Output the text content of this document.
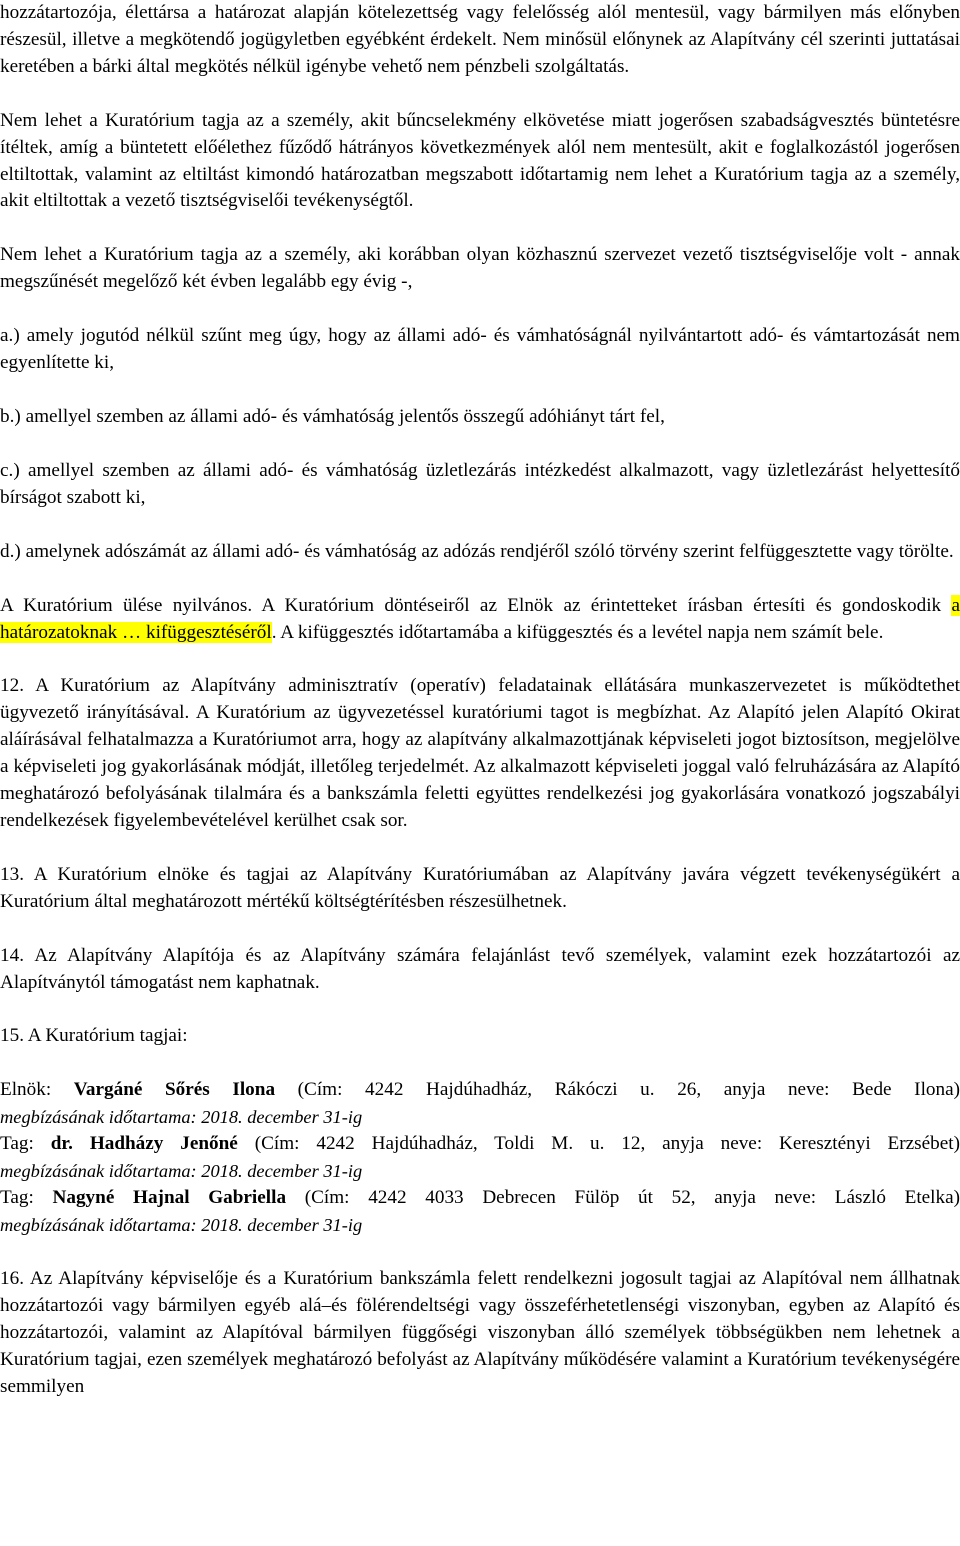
hozzátartozója, élettársa a határozat alapján kötelezettség vagy felelősség alól mentesül, vagy bármilyen más előnyben részesül, illetve a megkötendő jogügyletben egyébként érdekelt. Nem minősül előnynek az Alapítvány cél szerinti juttatásai keretében a bárki által megkötés nélkül igénybe vehető nem pénzbeli szolgáltatás.

Nem lehet a Kuratórium tagja az a személy, akit bűncselekmény elkövetése miatt jogerősen szabadságvesztés büntetésre ítéltek, amíg a büntetett előélethez fűződő hátrányos következmények alól nem mentesült, akit e foglalkozástól jogerősen eltiltottak, valamint az eltiltást kimondó határozatban megszabott időtartamig nem lehet a Kuratórium tagja az a személy, akit eltiltottak a vezető tisztségviselői tevékenységtől.

Nem lehet a Kuratórium tagja az a személy, aki korábban olyan közhasznú szervezet vezető tisztségviselője volt - annak megszűnését megelőző két évben legalább egy évig -,

a.) amely jogutód nélkül szűnt meg úgy, hogy az állami adó- és vámhatóságnál nyilvántartott adó- és vámtartozását nem egyenlítette ki,

b.) amellyel szemben az állami adó- és vámhatóság jelentős összegű adóhiányt tárt fel,

c.) amellyel szemben az állami adó- és vámhatóság üzletlezárás intézkedést alkalmazott, vagy üzletlezárást helyettesítő bírságot szabott ki,

d.) amelynek adószámát az állami adó- és vámhatóság az adózás rendjéről szóló törvény szerint felfüggesztette vagy törölte.

A Kuratórium ülése nyilvános. A Kuratórium döntéseiről az Elnök az érintetteket írásban értesíti és gondoskodik a határozatoknak … kifüggesztéséről. A kifüggesztés időtartamába a kifüggesztés és a levétel napja nem számít bele.

12. A Kuratórium az Alapítvány adminisztratív (operatív) feladatainak ellátására munkaszervezetet is működtethet ügyvezető irányításával. A Kuratórium az ügyvezetéssel kuratóriumi tagot is megbízhat. Az Alapító jelen Alapító Okirat aláírásával felhatalmazza a Kuratóriumot arra, hogy az alapítvány alkalmazottjának képviseleti jogot biztosítson, megjelölve a képviseleti jog gyakorlásának módját, illetőleg terjedelmét. Az alkalmazott képviseleti joggal való felruházására az Alapító meghatározó befolyásának tilalmára és a bankszámla feletti együttes rendelkezési jog gyakorlására vonatkozó jogszabályi rendelkezések figyelembevételével kerülhet csak sor.

13. A Kuratórium elnöke és tagjai az Alapítvány Kuratóriumában az Alapítvány javára végzett tevékenységükért a Kuratórium által meghatározott mértékű költségtérítésben részesülhetnek.

14. Az Alapítvány Alapítója és az Alapítvány számára felajánlást tevő személyek, valamint ezek hozzátartozói az Alapítványtól támogatást nem kaphatnak.

15. A Kuratórium tagjai:

Elnök: Vargáné Sőrés Ilona (Cím: 4242 Hajdúhadház, Rákóczi u. 26, anyja neve: Bede Ilona)
megbízásának időtartama: 2018. december 31-ig
Tag: dr. Hadházy Jenőné (Cím: 4242 Hajdúhadház, Toldi M. u. 12, anyja neve: Keresztényi Erzsébet)
megbízásának időtartama: 2018. december 31-ig
Tag: Nagyné Hajnal Gabriella (Cím: 4242 4033 Debrecen Fülöp út 52, anyja neve: László Etelka)
megbízásának időtartama: 2018. december 31-ig

16. Az Alapítvány képviselője és a Kuratórium bankszámla felett rendelkezni jogosult tagjai az Alapítóval nem állhatnak hozzátartozói vagy bármilyen egyéb alá–és fölérendeltségi vagy összeférhetetlenségi viszonyban, egyben az Alapító és hozzátartozói, valamint az Alapítóval bármilyen függőségi viszonyban álló személyek többségükben nem lehetnek a Kuratórium tagjai, ezen személyek meghatározó befolyást az Alapítvány működésére valamint a Kuratórium tevékenységére semmilyen
